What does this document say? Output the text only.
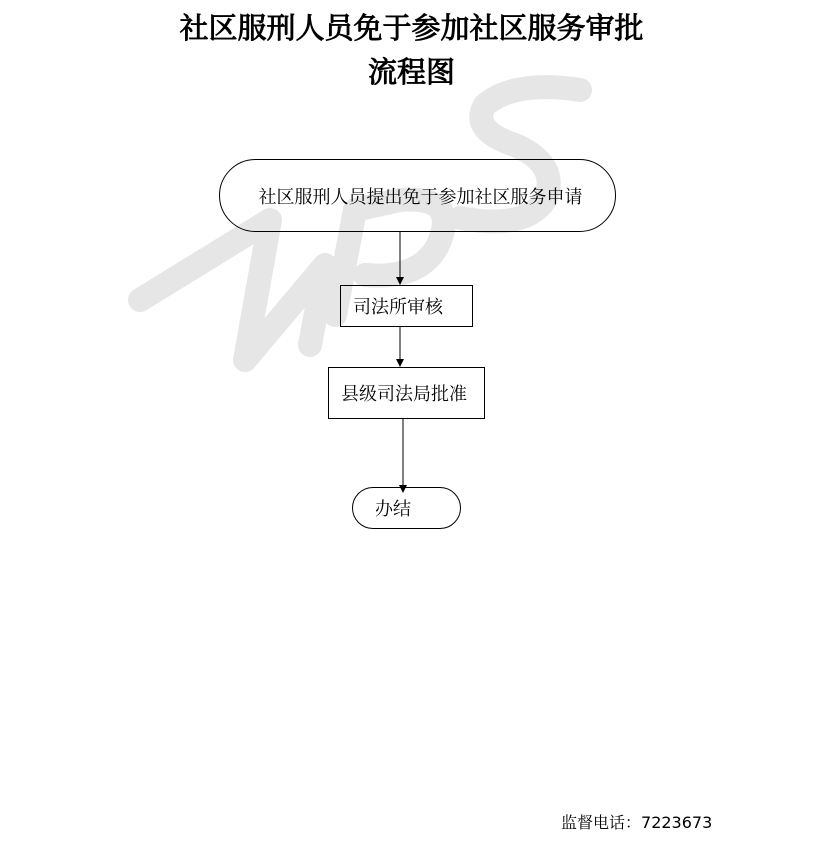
社区服刑人员免于参加社区服务审批
流程图
社区服刑人员提出免于参加社区服务申请
司法所审核
县级司法局批准
办结
监督电话：7223673
